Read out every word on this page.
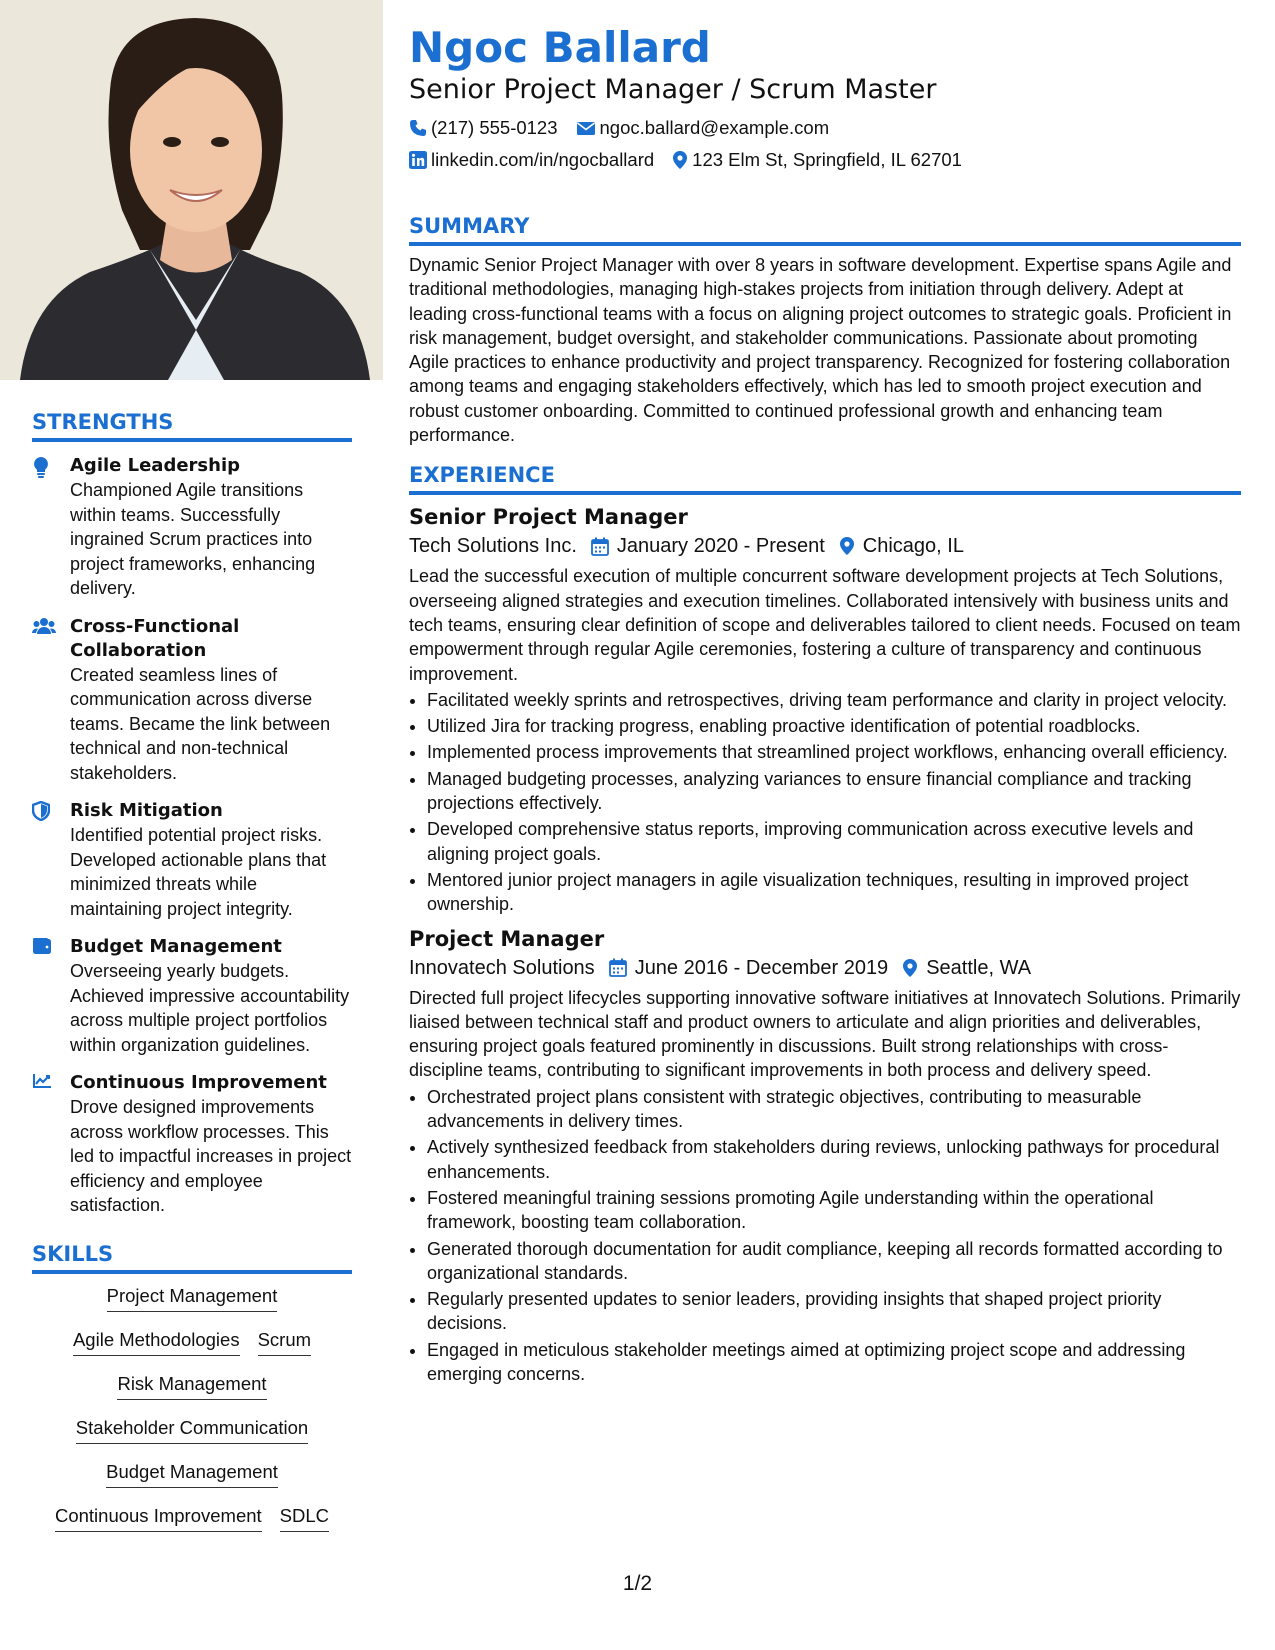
STRENGTHS
Agile Leadership
Championed Agile transitions within teams. Successfully ingrained Scrum practices into project frameworks, enhancing delivery.
Cross-Functional Collaboration
Created seamless lines of communication across diverse teams. Became the link between technical and non-technical stakeholders.
Risk Mitigation
Identified potential project risks. Developed actionable plans that minimized threats while maintaining project integrity.
Budget Management
Overseeing yearly budgets. Achieved impressive accountability across multiple project portfolios within organization guidelines.
Continuous Improvement
Drove designed improvements across workflow processes. This led to impactful increases in project efficiency and employee satisfaction.
SKILLS
Project Management
Agile Methodologies Scrum
Risk Management
Stakeholder Communication
Budget Management
Continuous Improvement SDLC
Ngoc Ballard
Senior Project Manager / Scrum Master
(217) 555-0123 ngoc.ballard@example.com
linkedin.com/in/ngocballard 123 Elm St, Springfield, IL 62701
SUMMARY
Dynamic Senior Project Manager with over 8 years in software development. Expertise spans Agile and traditional methodologies, managing high-stakes projects from initiation through delivery. Adept at leading cross-functional teams with a focus on aligning project outcomes to strategic goals. Proficient in risk management, budget oversight, and stakeholder communications. Passionate about promoting Agile practices to enhance productivity and project transparency. Recognized for fostering collaboration among teams and engaging stakeholders effectively, which has led to smooth project execution and robust customer onboarding. Committed to continued professional growth and enhancing team performance.
EXPERIENCE
Senior Project Manager
Tech Solutions Inc. January 2020 - Present Chicago, IL
Lead the successful execution of multiple concurrent software development projects at Tech Solutions, overseeing aligned strategies and execution timelines. Collaborated intensively with business units and tech teams, ensuring clear definition of scope and deliverables tailored to client needs. Focused on team empowerment through regular Agile ceremonies, fostering a culture of transparency and continuous improvement.
• Facilitated weekly sprints and retrospectives, driving team performance and clarity in project velocity.
• Utilized Jira for tracking progress, enabling proactive identification of potential roadblocks.
• Implemented process improvements that streamlined project workflows, enhancing overall efficiency.
• Managed budgeting processes, analyzing variances to ensure financial compliance and tracking projections effectively.
• Developed comprehensive status reports, improving communication across executive levels and aligning project goals.
• Mentored junior project managers in agile visualization techniques, resulting in improved project ownership.
Project Manager
Innovatech Solutions June 2016 - December 2019 Seattle, WA
Directed full project lifecycles supporting innovative software initiatives at Innovatech Solutions. Primarily liaised between technical staff and product owners to articulate and align priorities and deliverables, ensuring project goals featured prominently in discussions. Built strong relationships with cross-discipline teams, contributing to significant improvements in both process and delivery speed.
• Orchestrated project plans consistent with strategic objectives, contributing to measurable advancements in delivery times.
• Actively synthesized feedback from stakeholders during reviews, unlocking pathways for procedural enhancements.
• Fostered meaningful training sessions promoting Agile understanding within the operational framework, boosting team collaboration.
• Generated thorough documentation for audit compliance, keeping all records formatted according to organizational standards.
• Regularly presented updates to senior leaders, providing insights that shaped project priority decisions.
• Engaged in meticulous stakeholder meetings aimed at optimizing project scope and addressing emerging concerns.
1/2
